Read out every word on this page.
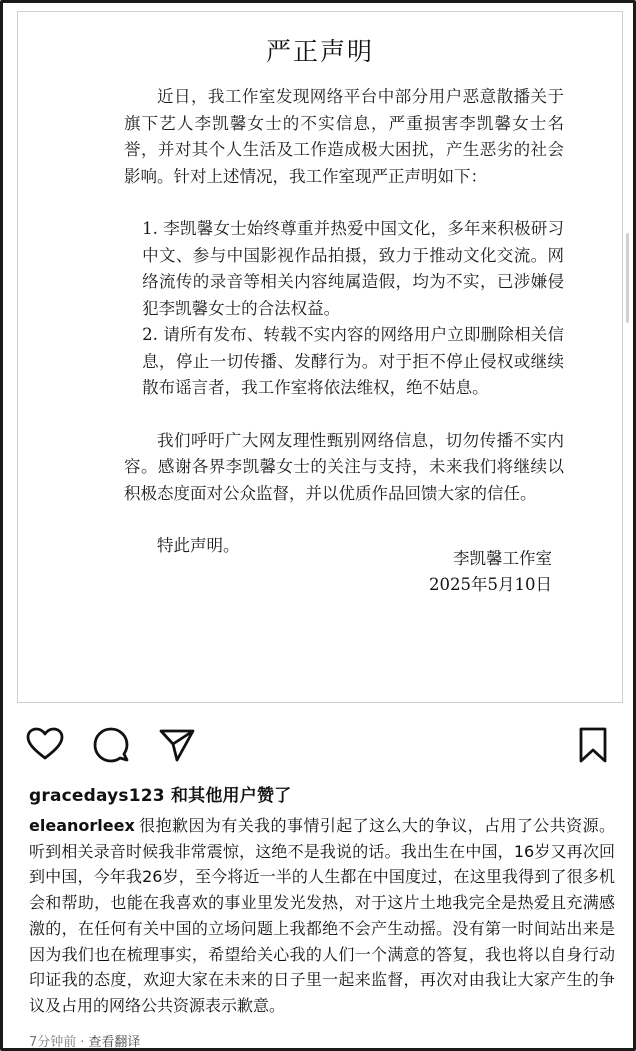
严正声明

近日，我工作室发现网络平台中部分用户恶意散播关于旗下艺人李凯馨女士的不实信息，严重损害李凯馨女士名誉，并对其个人生活及工作造成极大困扰，产生恶劣的社会影响。针对上述情况，我工作室现严正声明如下：

1. 李凯馨女士始终尊重并热爱中国文化，多年来积极研习中文、参与中国影视作品拍摄，致力于推动文化交流。网络流传的录音等相关内容纯属造假，均为不实，已涉嫌侵犯李凯馨女士的合法权益。

2. 请所有发布、转载不实内容的网络用户立即删除相关信息，停止一切传播、发酵行为。对于拒不停止侵权或继续散布谣言者，我工作室将依法维权，绝不姑息。

我们呼吁广大网友理性甄别网络信息，切勿传播不实内容。感谢各界李凯馨女士的关注与支持，未来我们将继续以积极态度面对公众监督，并以优质作品回馈大家的信任。

特此声明。

李凯馨工作室
2025年5月10日
gracedays123 和其他用户赞了
eleanorleex 很抱歉因为有关我的事情引起了这么大的争议，占用了公共资源。听到相关录音时候我非常震惊，这绝不是我说的话。我出生在中国，16岁又再次回到中国，今年我26岁，至今将近一半的人生都在中国度过，在这里我得到了很多机会和帮助，也能在我喜欢的事业里发光发热，对于这片土地我完全是热爱且充满感激的，在任何有关中国的立场问题上我都绝不会产生动摇。没有第一时间站出来是因为我们也在梳理事实，希望给关心我的人们一个满意的答复，我也将以自身行动印证我的态度，欢迎大家在未来的日子里一起来监督，再次对由我让大家产生的争议及占用的网络公共资源表示歉意。
7分钟前 · 查看翻译
